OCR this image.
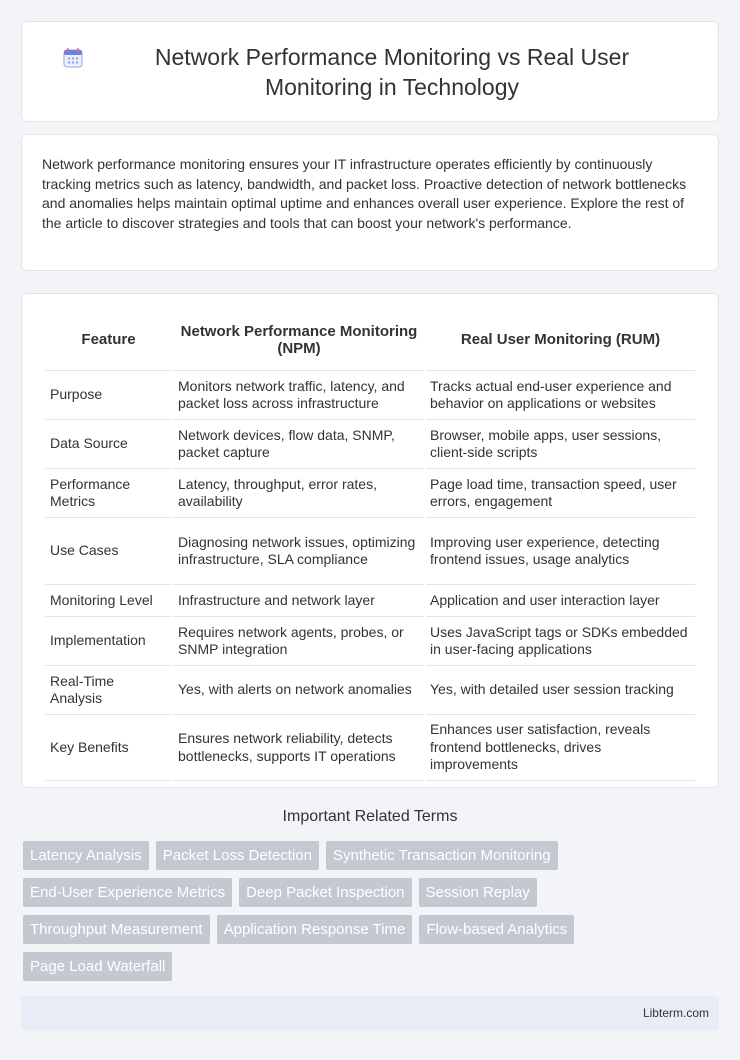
Network Performance Monitoring vs Real User Monitoring in Technology

Network performance monitoring ensures your IT infrastructure operates efficiently by continuously tracking metrics such as latency, bandwidth, and packet loss. Proactive detection of network bottlenecks and anomalies helps maintain optimal uptime and enhances overall user experience. Explore the rest of the article to discover strategies and tools that can boost your network's performance.

Feature	Network Performance Monitoring (NPM)	Real User Monitoring (RUM)
Purpose	Monitors network traffic, latency, and packet loss across infrastructure	Tracks actual end-user experience and behavior on applications or websites
Data Source	Network devices, flow data, SNMP, packet capture	Browser, mobile apps, user sessions, client-side scripts
Performance Metrics	Latency, throughput, error rates, availability	Page load time, transaction speed, user errors, engagement
Use Cases	Diagnosing network issues, optimizing infrastructure, SLA compliance	Improving user experience, detecting frontend issues, usage analytics
Monitoring Level	Infrastructure and network layer	Application and user interaction layer
Implementation	Requires network agents, probes, or SNMP integration	Uses JavaScript tags or SDKs embedded in user-facing applications
Real-Time Analysis	Yes, with alerts on network anomalies	Yes, with detailed user session tracking
Key Benefits	Ensures network reliability, detects bottlenecks, supports IT operations	Enhances user satisfaction, reveals frontend bottlenecks, drives improvements
Important Related Terms
Latency Analysis	Packet Loss Detection	Synthetic Transaction Monitoring
End-User Experience Metrics	Deep Packet Inspection	Session Replay
Throughput Measurement	Application Response Time	Flow-based Analytics
Page Load Waterfall
Libterm.com
